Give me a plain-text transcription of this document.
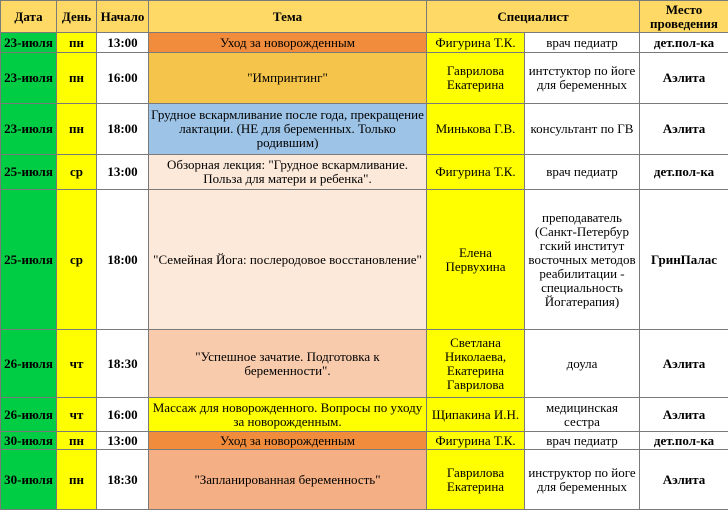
Дата	День	Начало	Тема	Специалист		Место проведения
23-июля	пн	13:00	Уход за новорожденным	Фигурина Т.К.	врач педиатр	дет.пол-ка
23-июля	пн	16:00	"Импринтинг"	Гаврилова Екатерина	интстуктор по йоге для беременных	Аэлита
23-июля	пн	18:00	Грудное вскармливание после года, прекращение лактации. (НЕ для беременных. Только родившим)	Минькова Г.В.	консультант по ГВ	Аэлита
25-июля	ср	13:00	Обзорная лекция: "Грудное вскармливание. Польза для матери и ребенка".	Фигурина Т.К.	врач педиатр	дет.пол-ка
25-июля	ср	18:00	"Семейная Йога: послеродовое восстановление"	Елена Первухина	преподаватель (Санкт-Петербур гский институт восточных методов реабилитации - специальность Йогатерапия)	ГринПалас
26-июля	чт	18:30	"Успешное зачатие. Подготовка к беременности".	Светлана Николаева, Екатерина Гаврилова	доула	Аэлита
26-июля	чт	16:00	Массаж для новорожденного. Вопросы по уходу за новорожденным.	Щипакина И.Н.	медицинская сестра	Аэлита
30-июля	пн	13:00	Уход за новорожденным	Фигурина Т.К.	врач педиатр	дет.пол-ка
30-июля	пн	18:30	"Запланированная беременность"	Гаврилова Екатерина	инструктор по йоге для беременных	Аэлита
